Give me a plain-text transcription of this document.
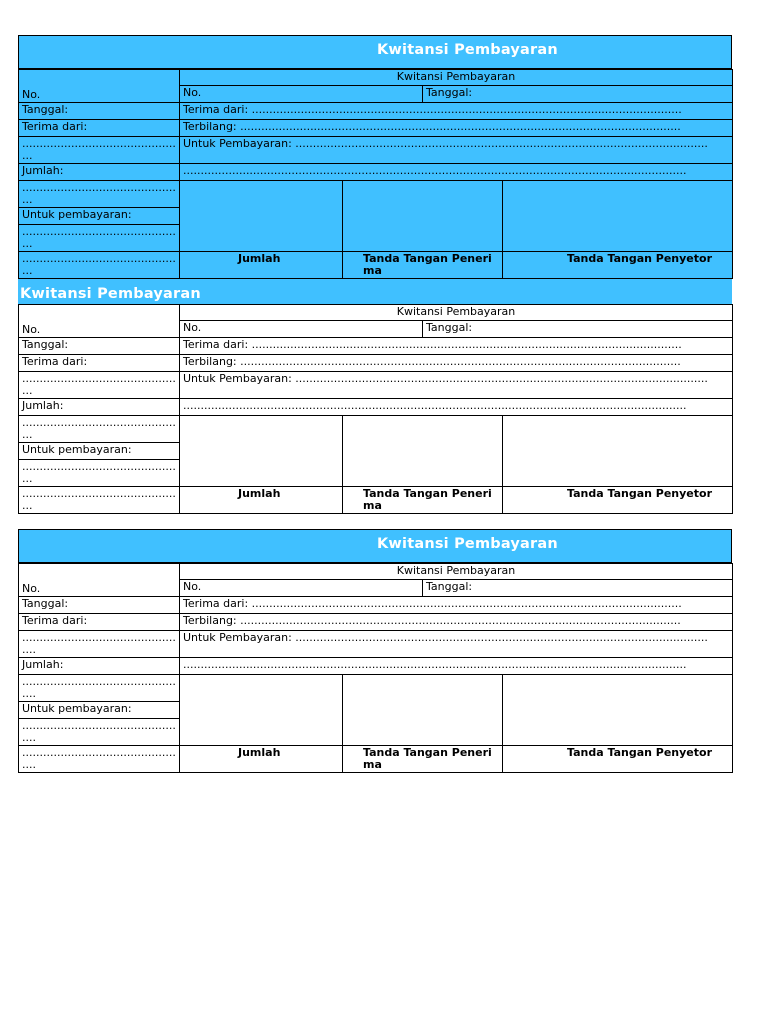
Kwitansi Pembayaran
No.	Kwitansi Pembayaran			
	No.		Tanggal:	
Tanggal:	Terima dari: ...........................................................................................................................			
Terima dari:	Terbilang: ..............................................................................................................................			

............................................
...	Untuk Pembayaran: ......................................................................................................................			
Jumlah:	................................................................................................................................................			

............................................
...				

Untuk pembayaran:				

............................................
...				

............................................
...	Jumlah	Tanda Tangan Penerima		Tanda Tangan Penyetor
Kwitansi Pembayaran
No.	Kwitansi Pembayaran			
	No.		Tanggal:	
Tanggal:	Terima dari: ...........................................................................................................................			
Terima dari:	Terbilang: ..............................................................................................................................			

............................................
...	Untuk Pembayaran: ......................................................................................................................			
Jumlah:	................................................................................................................................................			

............................................
...				

Untuk pembayaran:				

............................................
...				

............................................
...	Jumlah	Tanda Tangan Penerima		Tanda Tangan Penyetor
Kwitansi Pembayaran
No.	Kwitansi Pembayaran			
	No.		Tanggal:	
Tanggal:	Terima dari: ...........................................................................................................................			
Terima dari:	Terbilang: ..............................................................................................................................			

............................................
....	Untuk Pembayaran: ......................................................................................................................			
Jumlah:	................................................................................................................................................			

............................................
....				

Untuk pembayaran:				

............................................
....				

............................................
....	Jumlah	Tanda Tangan Penerima		Tanda Tangan Penyetor
